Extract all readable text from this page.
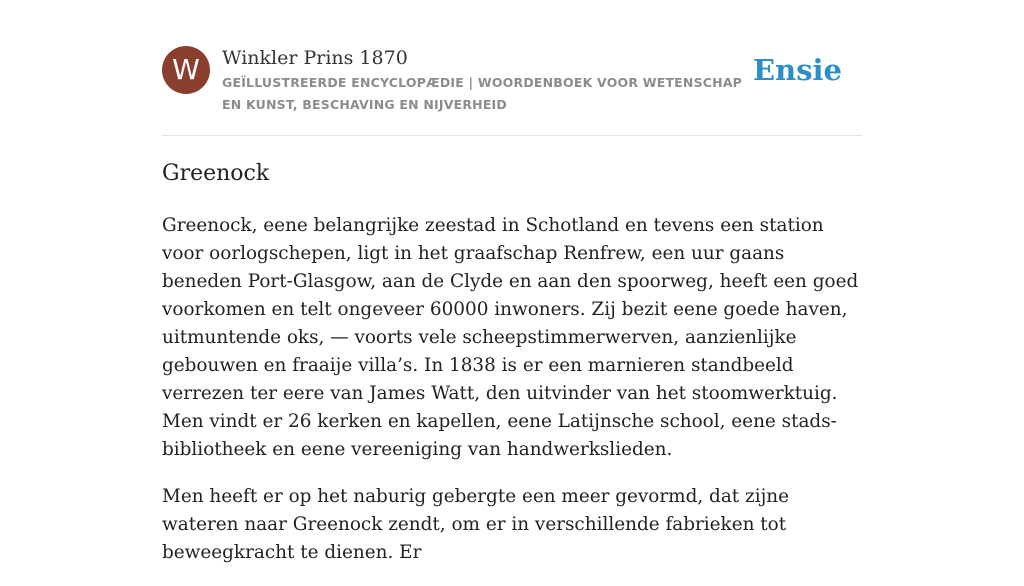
W	Winkler Prins 1870
GEÏLLUSTREERDE ENCYCLOPÆDIE | WOORDENBOEK VOOR WETENSCHAP EN KUNST, BESCHAVING EN NIJVERHEID
Ensie
Greenock

Greenock, eene belangrijke zeestad in Schotland en tevens een station voor oorlogschepen, ligt in het graafschap Renfrew, een uur gaans beneden Port-Glasgow, aan de Clyde en aan den spoorweg, heeft een goed voorkomen en telt ongeveer 60000 inwoners. Zij bezit eene goede haven, uitmuntende oks, — voorts vele scheepstimmerwerven, aanzienlijke gebouwen en fraaije villa’s. In 1838 is er een marnieren standbeeld verrezen ter eere van James Watt, den uitvinder van het stoomwerktuig. Men vindt er 26 kerken en kapellen, eene Latijnsche school, eene stads-bibliotheek en eene vereeniging van handwerkslieden.

Men heeft er op het naburig gebergte een meer gevormd, dat zijne wateren naar Greenock zendt, om er in verschillende fabrieken tot beweegkracht te dienen. Er
